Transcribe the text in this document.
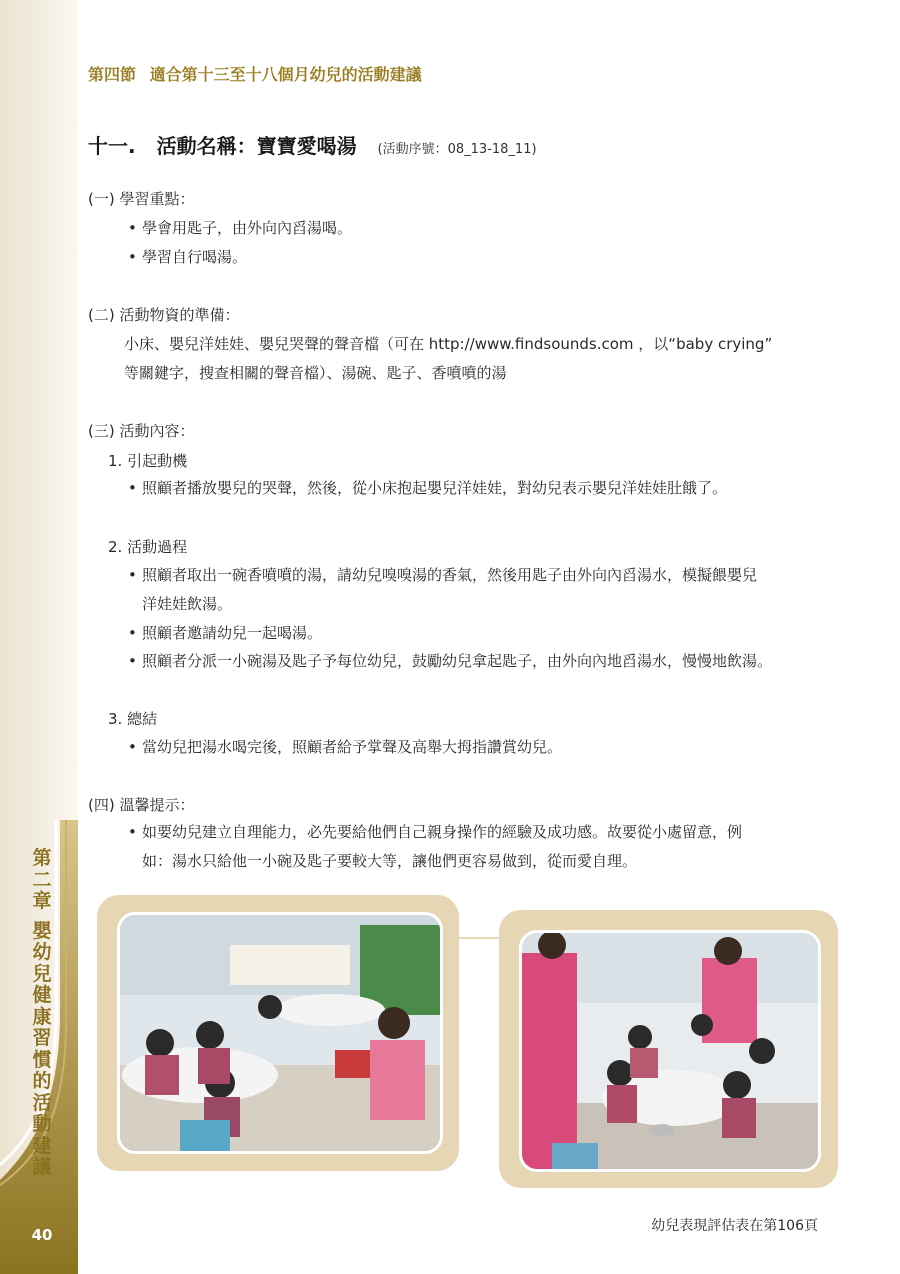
第二章
嬰幼兒健康習慣的活動建議
40
第四節 適合第十三至十八個月幼兒的活動建議
十一. 活動名稱：寶寶愛喝湯 (活動序號：08_13-18_11)
(一) 學習重點：
• 學會用匙子，由外向內舀湯喝。
• 學習自行喝湯。
(二) 活動物資的準備：
小床、嬰兒洋娃娃、嬰兒哭聲的聲音檔（可在 http://www.findsounds.com ，以“baby crying”
等關鍵字，搜查相關的聲音檔）、湯碗、匙子、香噴噴的湯
(三) 活動內容：
1. 引起動機
• 照顧者播放嬰兒的哭聲，然後，從小床抱起嬰兒洋娃娃，對幼兒表示嬰兒洋娃娃肚餓了。
2. 活動過程
• 照顧者取出一碗香噴噴的湯，請幼兒嗅嗅湯的香氣，然後用匙子由外向內舀湯水，模擬餵嬰兒
洋娃娃飲湯。
• 照顧者邀請幼兒一起喝湯。
• 照顧者分派一小碗湯及匙子予每位幼兒，鼓勵幼兒拿起匙子，由外向內地舀湯水，慢慢地飲湯。
3. 總結
• 當幼兒把湯水喝完後，照顧者給予掌聲及高舉大拇指讚賞幼兒。
(四) 溫馨提示：
• 如要幼兒建立自理能力，必先要給他們自己親身操作的經驗及成功感。故要從小處留意，例
如：湯水只給他一小碗及匙子要較大等，讓他們更容易做到，從而愛自理。
幼兒表現評估表在第106頁
